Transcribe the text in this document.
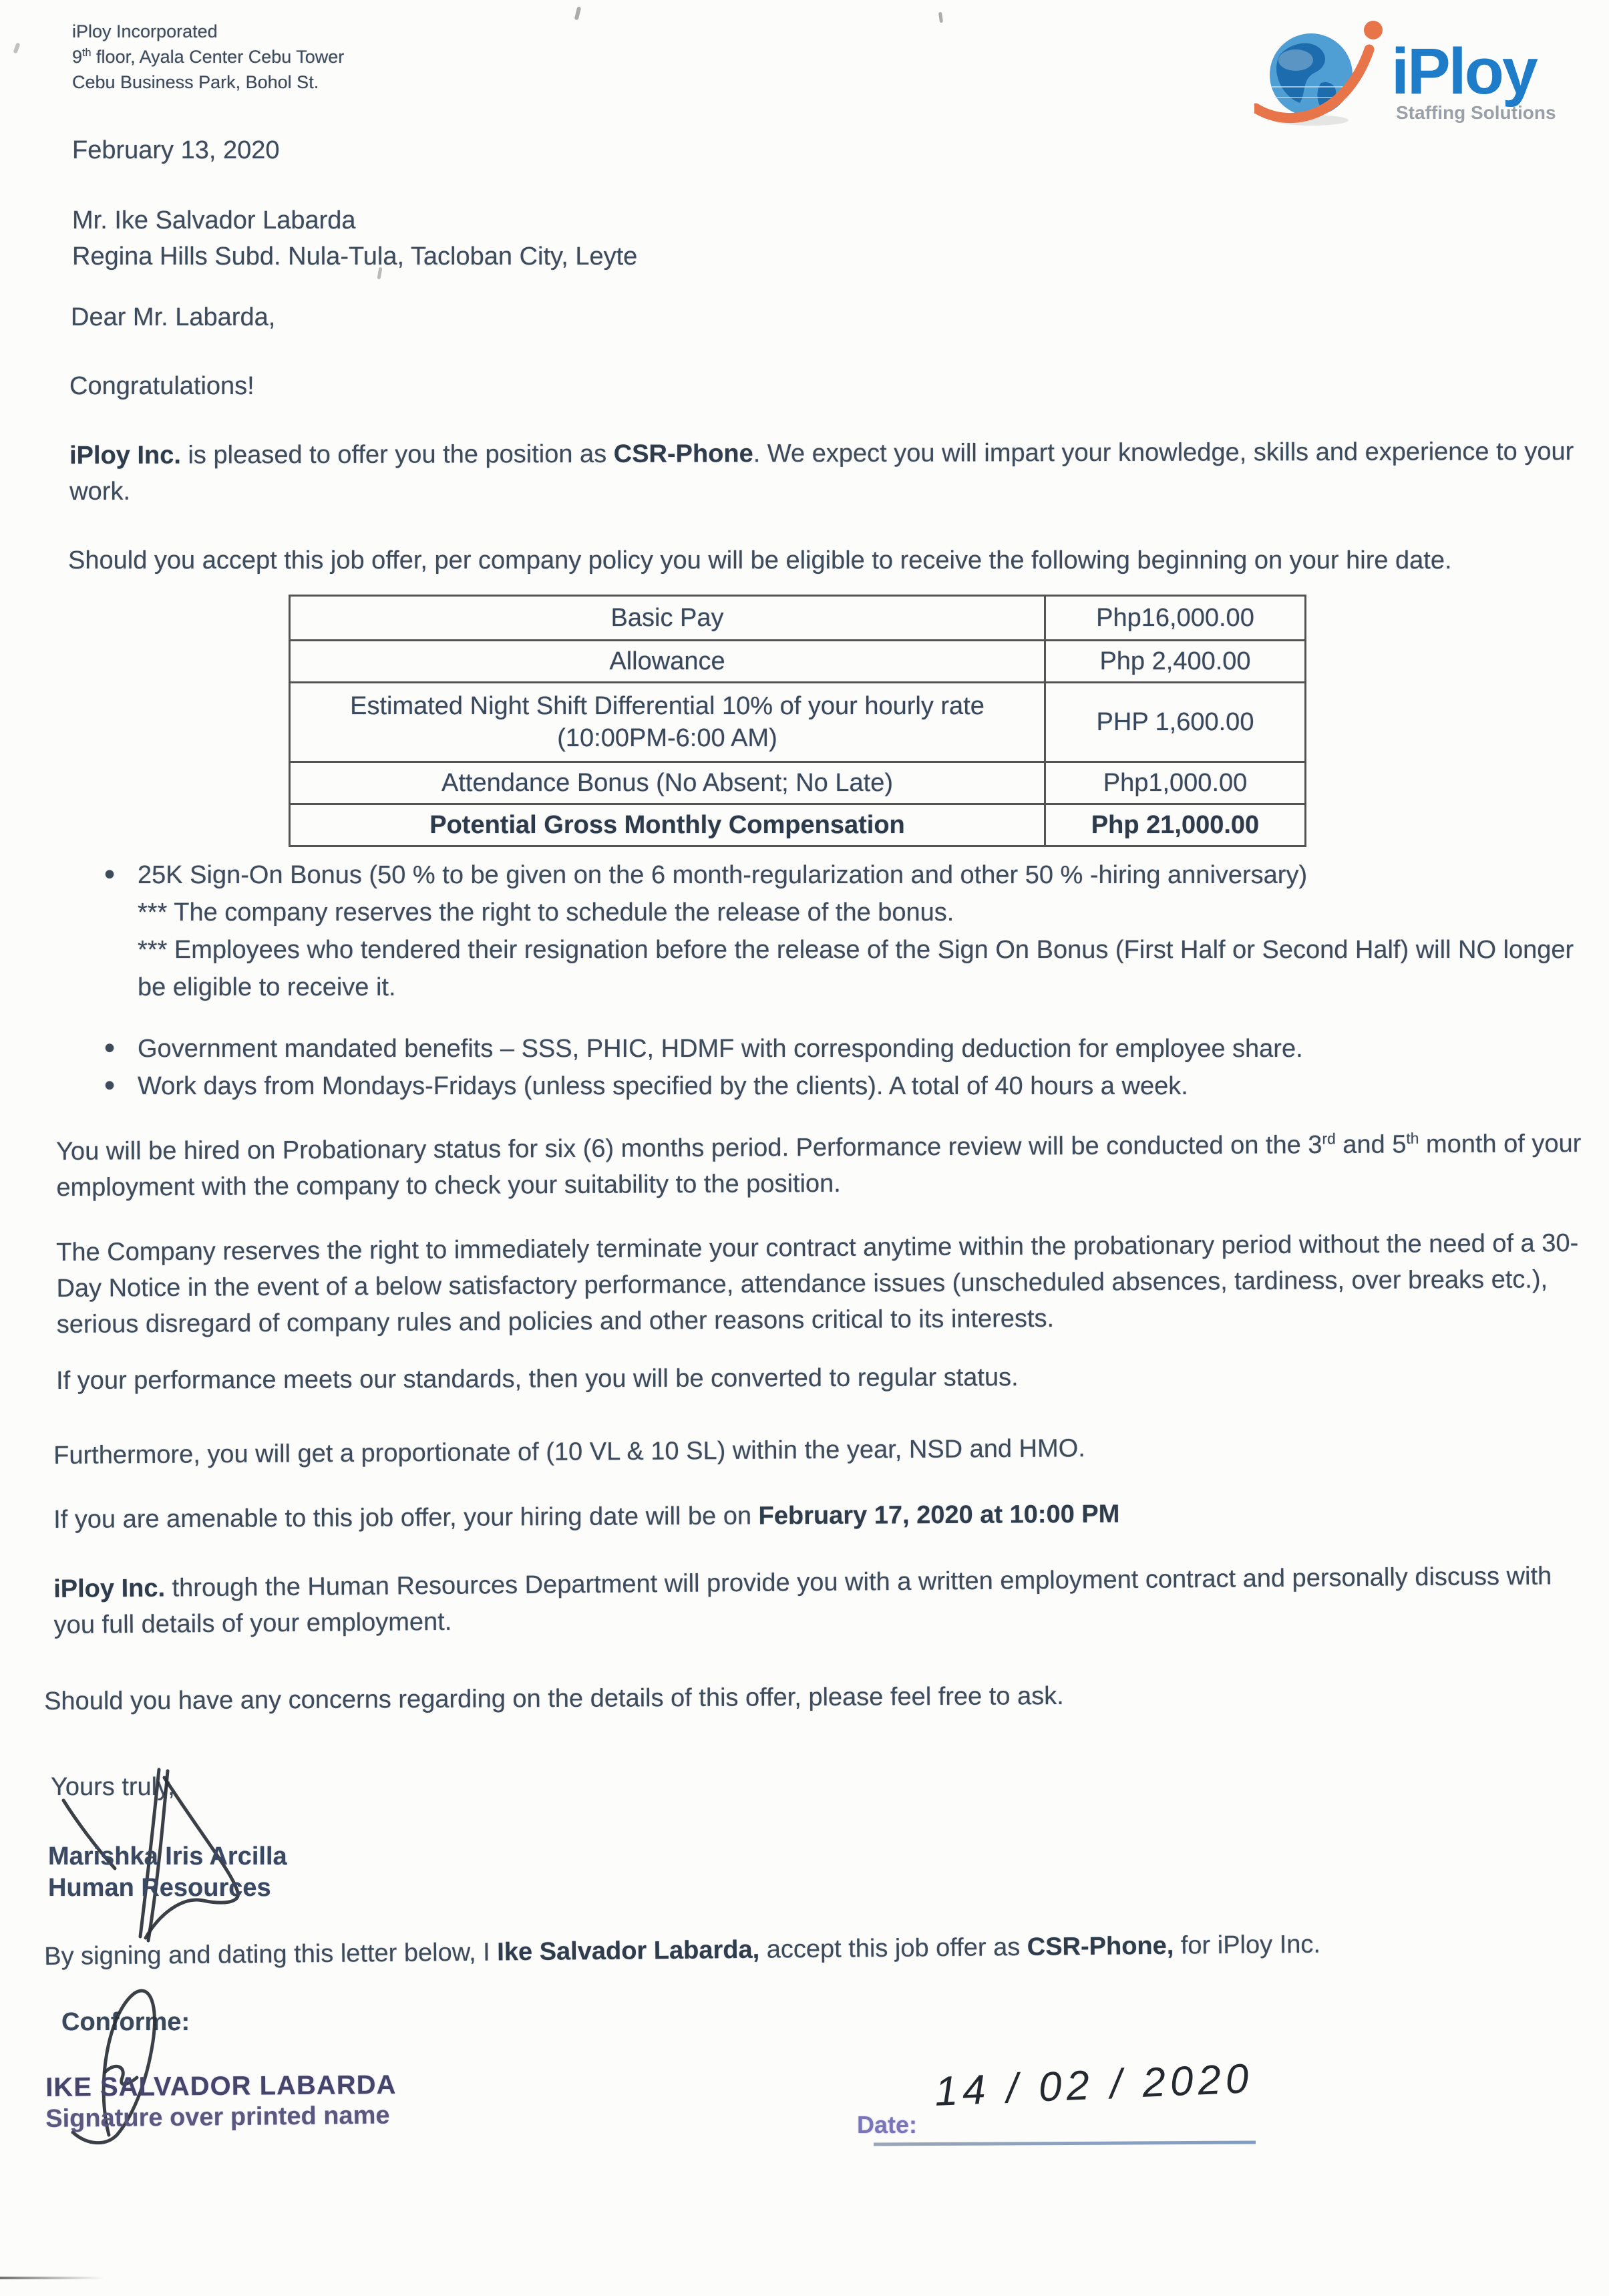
iPloy Incorporated
9th floor, Ayala Center Cebu Tower
Cebu Business Park, Bohol St.	iPloy
Staffing Solutions
February 13, 2020
Mr. Ike Salvador Labarda
Regina Hills Subd. Nula-Tula, Tacloban City, Leyte
Dear Mr. Labarda,
Congratulations!
iPloy Inc. is pleased to offer you the position as CSR-Phone. We expect you will impart your knowledge, skills and experience to your work.
Should you accept this job offer, per company policy you will be eligible to receive the following beginning on your hire date.
Basic Pay	Php16,000.00
Allowance	Php 2,400.00
Estimated Night Shift Differential 10% of your hourly rate (10:00PM-6:00 AM)	PHP 1,600.00
Attendance Bonus (No Absent; No Late)	Php1,000.00
Potential Gross Monthly Compensation	Php 21,000.00
• 25K Sign-On Bonus (50 % to be given on the 6 month-regularization and other 50 % -hiring anniversary)
*** The company reserves the right to schedule the release of the bonus.
*** Employees who tendered their resignation before the release of the Sign On Bonus (First Half or Second Half) will NO longer be eligible to receive it.
• Government mandated benefits – SSS, PHIC, HDMF with corresponding deduction for employee share.
• Work days from Mondays-Fridays (unless specified by the clients). A total of 40 hours a week.
You will be hired on Probationary status for six (6) months period. Performance review will be conducted on the 3rd and 5th month of your employment with the company to check your suitability to the position.
The Company reserves the right to immediately terminate your contract anytime within the probationary period without the need of a 30-Day Notice in the event of a below satisfactory performance, attendance issues (unscheduled absences, tardiness, over breaks etc.), serious disregard of company rules and policies and other reasons critical to its interests.
If your performance meets our standards, then you will be converted to regular status.
Furthermore, you will get a proportionate of (10 VL & 10 SL) within the year, NSD and HMO.
If you are amenable to this job offer, your hiring date will be on February 17, 2020 at 10:00 PM
iPloy Inc. through the Human Resources Department will provide you with a written employment contract and personally discuss with you full details of your employment.
Should you have any concerns regarding on the details of this offer, please feel free to ask.
Yours truly,
Marishka Iris Arcilla
Human Resources
By signing and dating this letter below, I Ike Salvador Labarda, accept this job offer as CSR-Phone, for iPloy Inc.
Conforme:
IKE SALVADOR LABARDA
Signature over printed name	Date:
14 / 02 / 2020
